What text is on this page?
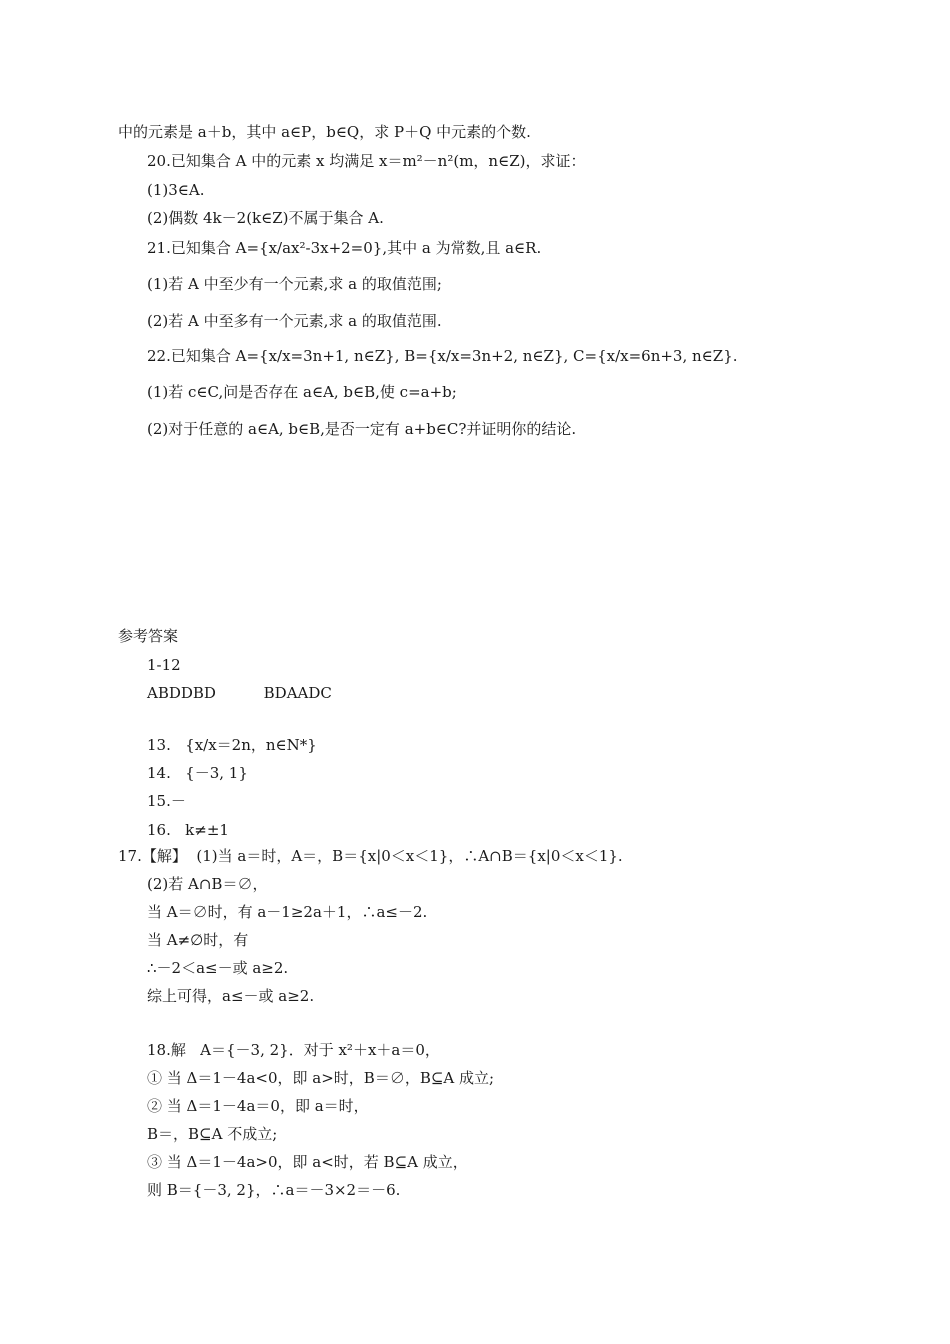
中的元素是 a＋b，其中 a∈P，b∈Q，求 P＋Q 中元素的个数.
20.已知集合 A 中的元素 x 均满足 x＝m²－n²(m，n∈Z)，求证：
(1)3∈A.
(2)偶数 4k－2(k∈Z)不属于集合 A.
21.已知集合 A={x/ax²-3x+2=0},其中 a 为常数,且 a∈R.
(1)若 A 中至少有一个元素,求 a 的取值范围;
(2)若 A 中至多有一个元素,求 a 的取值范围.
22.已知集合 A={x/x=3n+1, n∈Z}, B={x/x=3n+2, n∈Z}, C={x/x=6n+3, n∈Z}.
(1)若 c∈C,问是否存在 a∈A, b∈B,使 c=a+b;
(2)对于任意的 a∈A, b∈B,是否一定有 a+b∈C?并证明你的结论.
参考答案
1-12
ABDDBD          BDAADC
13.   {x/x＝2n，n∈N*}
14.   {－3, 1}
15.－
16.   k≠±1
17.【解】  (1)当 a＝时，A＝，B＝{x|0＜x＜1}，∴A∩B＝{x|0＜x＜1}.
(2)若 A∩B＝∅，
当 A＝∅时，有 a－1≥2a＋1，∴a≤－2.
当 A≠∅时，有
∴－2＜a≤－或 a≥2.
综上可得，a≤－或 a≥2.
18.解   A＝{－3, 2}．对于 x²＋x＋a＝0，
① 当 Δ＝1－4a<0，即 a>时，B＝∅，B⊆A 成立;
② 当 Δ＝1－4a＝0，即 a＝时，
B＝，B⊆A 不成立;
③ 当 Δ＝1－4a>0，即 a<时，若 B⊆A 成立，
则 B＝{－3, 2}，∴a＝－3×2＝－6.
